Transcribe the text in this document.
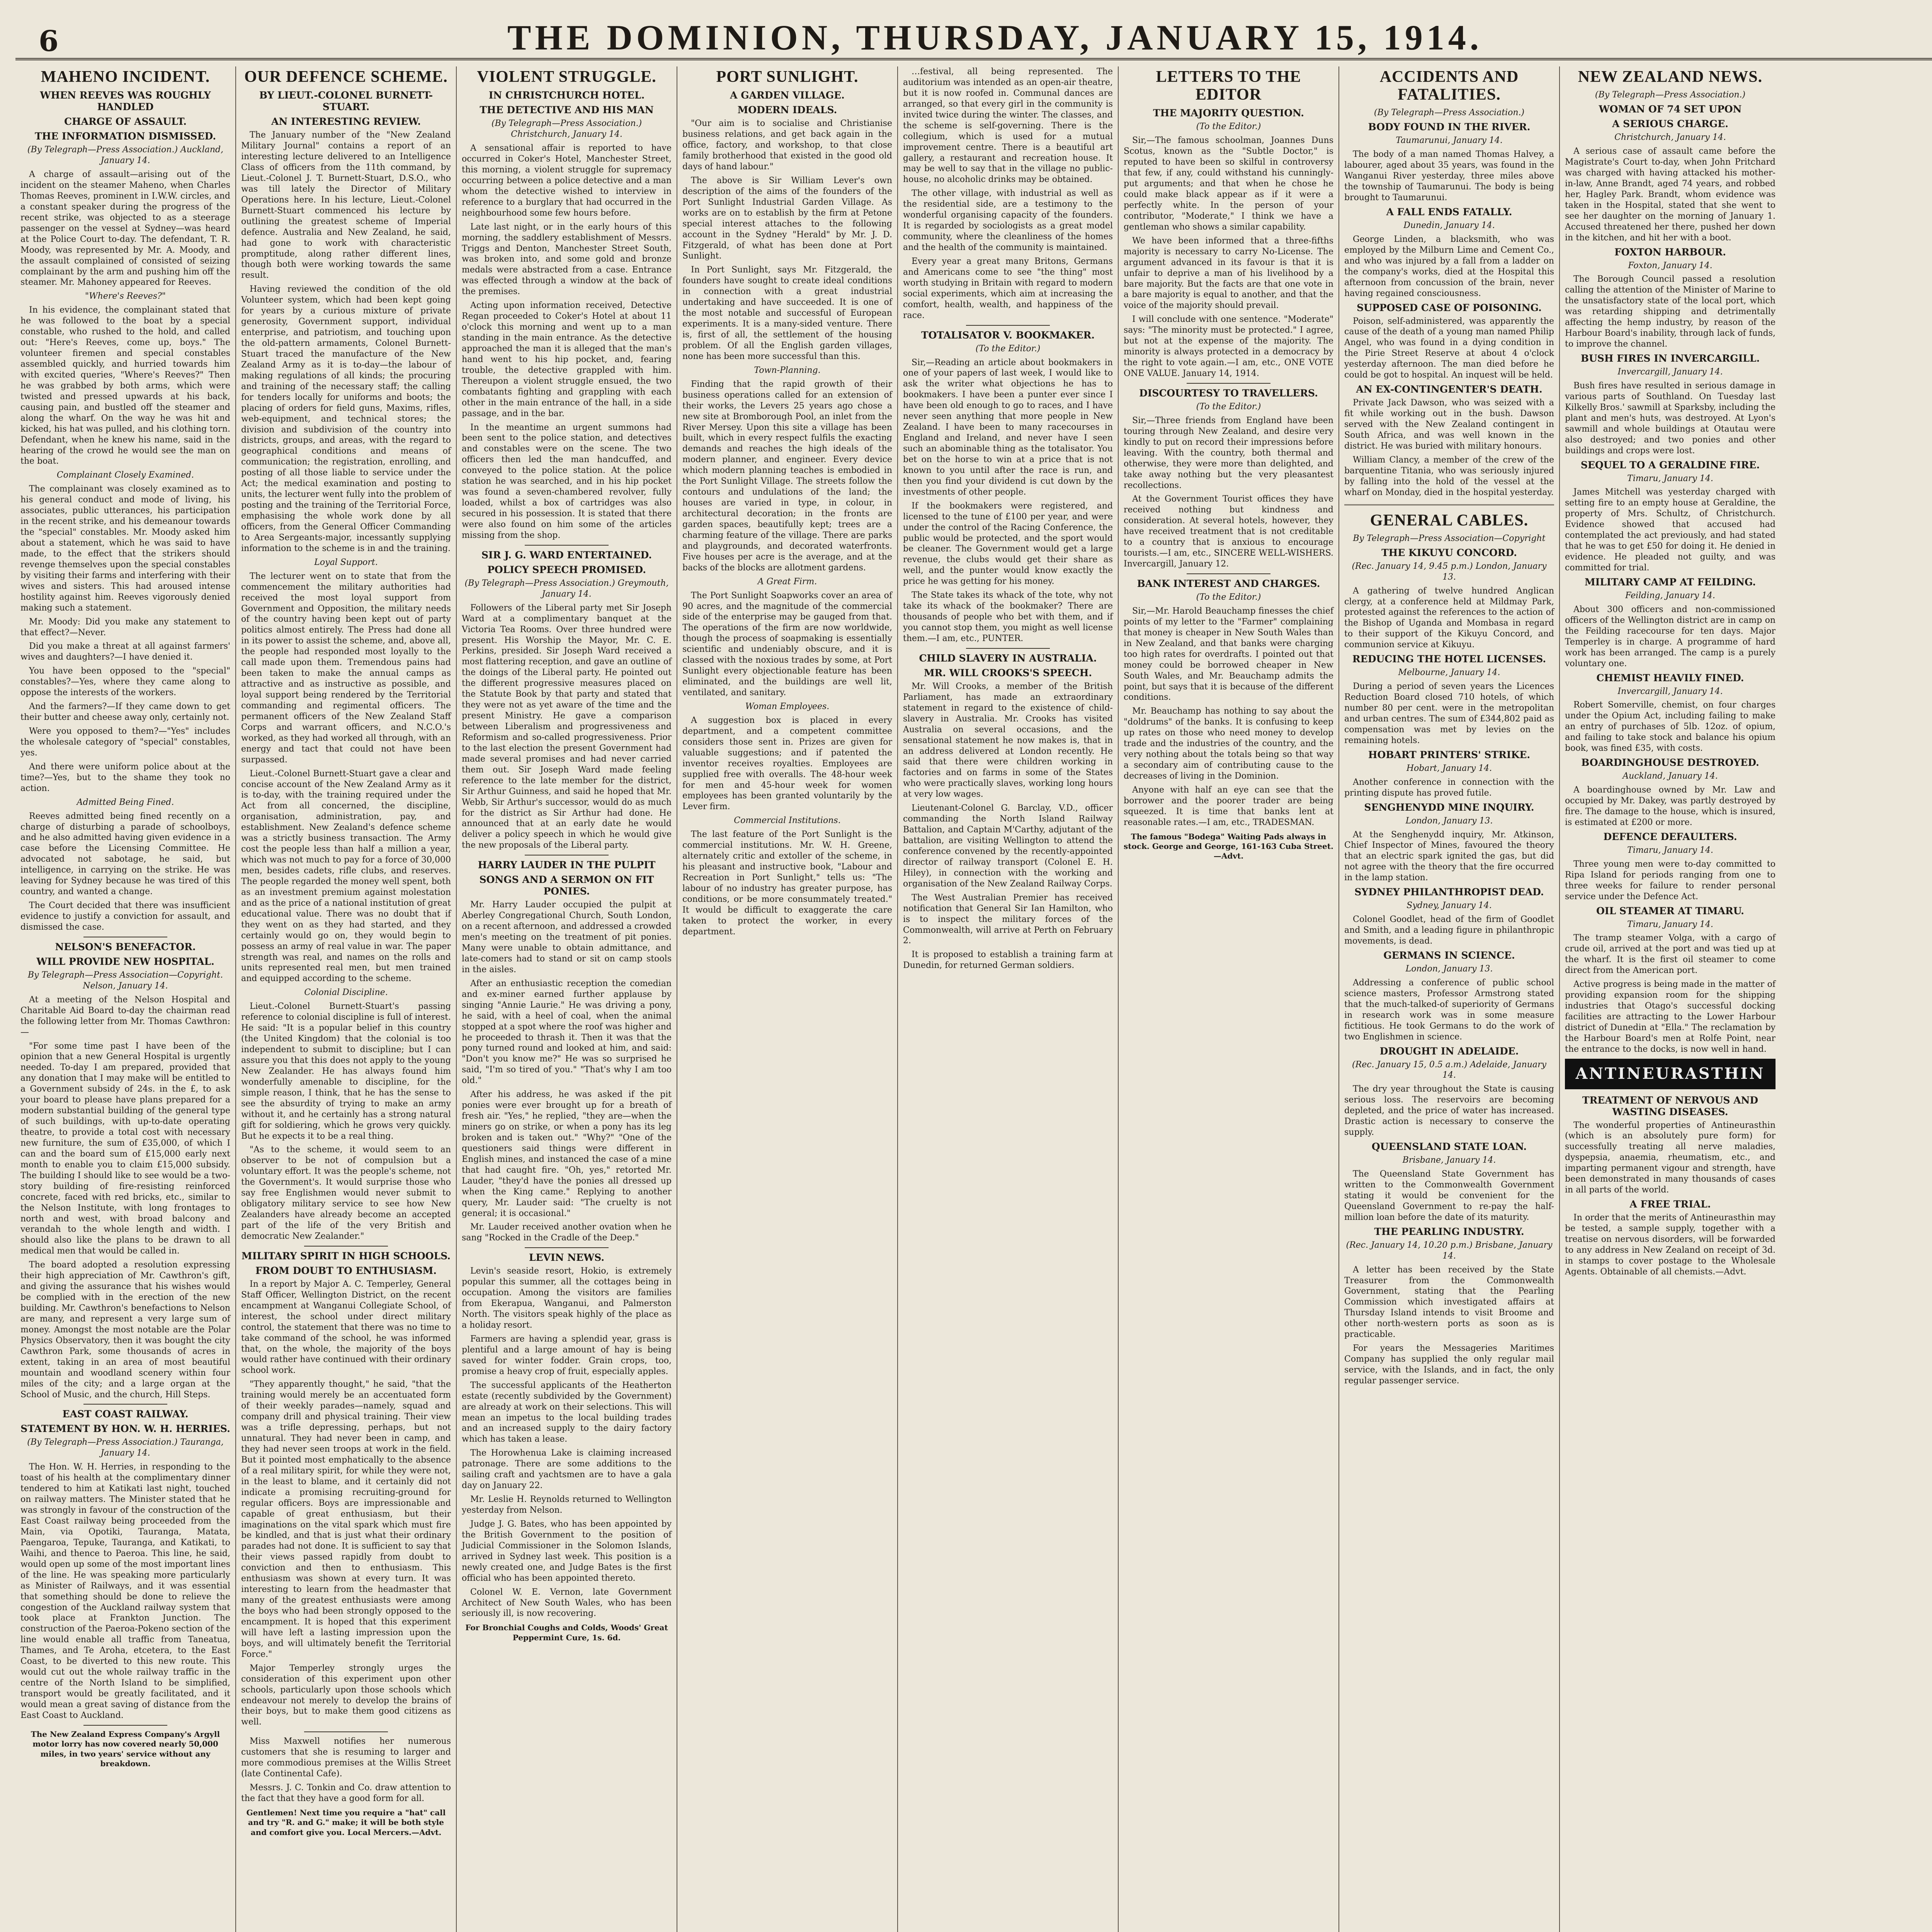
6	THE DOMINION, THURSDAY, JANUARY 15, 1914.
MAHENO INCIDENT.
WHEN REEVES WAS ROUGHLY HANDLED
CHARGE OF ASSAULT.
THE INFORMATION DISMISSED.
(By Telegraph—Press Association.) Auckland, January 14.

A charge of assault—arising out of the incident on the steamer Maheno, when Charles Thomas Reeves, prominent in I.W.W. circles, and a constant speaker during the progress of the recent strike, was objected to as a steerage passenger on the vessel at Sydney—was heard at the Police Court to-day. The defendant, T. R. Moody, was represented by Mr. A. Moody, and the assault complained of consisted of seizing complainant by the arm and pushing him off the steamer. Mr. Mahoney appeared for Reeves.

"Where's Reeves?"

In his evidence, the complainant stated that he was followed to the boat by a special constable, who rushed to the hold, and called out: "Here's Reeves, come up, boys." The volunteer firemen and special constables assembled quickly, and hurried towards him with excited queries, "Where's Reeves?" Then he was grabbed by both arms, which were twisted and pressed upwards at his back, causing pain, and bustled off the steamer and along the wharf. On the way he was hit and kicked, his hat was pulled, and his clothing torn. Defendant, when he knew his name, said in the hearing of the crowd he would see the man on the boat.

Complainant Closely Examined.

The complainant was closely examined as to his general conduct and mode of living, his associates, public utterances, his participation in the recent strike, and his demeanour towards the "special" constables. Mr. Moody asked him about a statement, which he was said to have made, to the effect that the strikers should revenge themselves upon the special constables by visiting their farms and interfering with their wives and sisters. This had aroused intense hostility against him. Reeves vigorously denied making such a statement.

Mr. Moody: Did you make any statement to that effect?—Never.

Did you make a threat at all against farmers' wives and daughters?—I have denied it.

You have been opposed to the "special" constables?—Yes, where they came along to oppose the interests of the workers.

And the farmers?—If they came down to get their butter and cheese away only, certainly not.

Were you opposed to them?—"Yes" includes the wholesale category of "special" constables, yes.

And there were uniform police about at the time?—Yes, but to the shame they took no action.

Admitted Being Fined.

Reeves admitted being fined recently on a charge of disturbing a parade of schoolboys, and he also admitted having given evidence in a case before the Licensing Committee. He advocated not sabotage, he said, but intelligence, in carrying on the strike. He was leaving for Sydney because he was tired of this country, and wanted a change.

The Court decided that there was insufficient evidence to justify a conviction for assault, and dismissed the case.

NELSON'S BENEFACTOR.
WILL PROVIDE NEW HOSPITAL.
By Telegraph—Press Association—Copyright. Nelson, January 14.

At a meeting of the Nelson Hospital and Charitable Aid Board to-day the chairman read the following letter from Mr. Thomas Cawthron:—

"For some time past I have been of the opinion that a new General Hospital is urgently needed. To-day I am prepared, provided that any donation that I may make will be entitled to a Government subsidy of 24s. in the £, to ask your board to please have plans prepared for a modern substantial building of the general type of such buildings, with up-to-date operating theatre, to provide a total cost with necessary new furniture, the sum of £35,000, of which I can and the board sum of £15,000 early next month to enable you to claim £15,000 subsidy. The building I should like to see would be a two-story building of fire-resisting reinforced concrete, faced with red bricks, etc., similar to the Nelson Institute, with long frontages to north and west, with broad balcony and verandah to the whole length and width. I should also like the plans to be drawn to all medical men that would be called in.

The board adopted a resolution expressing their high appreciation of Mr. Cawthron's gift, and giving the assurance that his wishes would be complied with in the erection of the new building. Mr. Cawthron's benefactions to Nelson are many, and represent a very large sum of money. Amongst the most notable are the Polar Physics Observatory, then it was bought the city Cawthron Park, some thousands of acres in extent, taking in an area of most beautiful mountain and woodland scenery within four miles of the city; and a large organ at the School of Music, and the church, Hill Steps.

EAST COAST RAILWAY.
STATEMENT BY HON. W. H. HERRIES.
(By Telegraph—Press Association.) Tauranga, January 14.

The Hon. W. H. Herries, in responding to the toast of his health at the complimentary dinner tendered to him at Katikati last night, touched on railway matters. The Minister stated that he was strongly in favour of the construction of the East Coast railway being proceeded from the Main, via Opotiki, Tauranga, Matata, Paengaroa, Tepuke, Tauranga, and Katikati, to Waihi, and thence to Paeroa. This line, he said, would open up some of the most important lines of the line. He was speaking more particularly as Minister of Railways, and it was essential that something should be done to relieve the congestion of the Auckland railway system that took place at Frankton Junction. The construction of the Paeroa-Pokeno section of the line would enable all traffic from Taneatua, Thames, and Te Aroha, etcetera, to the East Coast, to be diverted to this new route. This would cut out the whole railway traffic in the centre of the North Island to be simplified, transport would be greatly facilitated, and it would mean a great saving of distance from the East Coast to Auckland.

The New Zealand Express Company's Argyll motor lorry has now covered nearly 50,000 miles, in two years' service without any breakdown.
OUR DEFENCE SCHEME.
BY LIEUT.-COLONEL BURNETT-STUART.
AN INTERESTING REVIEW.

The January number of the "New Zealand Military Journal" contains a report of an interesting lecture delivered to an Intelligence Class of officers from the 11th command, by Lieut.-Colonel J. T. Burnett-Stuart, D.S.O., who was till lately the Director of Military Operations here. In his lecture, Lieut.-Colonel Burnett-Stuart commenced his lecture by outlining the greatest scheme of Imperial defence. Australia and New Zealand, he said, had gone to work with characteristic promptitude, along rather different lines, though both were working towards the same result.

Having reviewed the condition of the old Volunteer system, which had been kept going for years by a curious mixture of private generosity, Government support, individual enterprise, and patriotism, and touching upon the old-pattern armaments, Colonel Burnett-Stuart traced the manufacture of the New Zealand Army as it is to-day—the labour of making regulations of all kinds; the procuring and training of the necessary staff; the calling for tenders locally for uniforms and boots; the placing of orders for field guns, Maxims, rifles, web-equipment, and technical stores; the division and subdivision of the country into districts, groups, and areas, with the regard to geographical conditions and means of communication; the registration, enrolling, and posting of all those liable to service under the Act; the medical examination and posting to units, the lecturer went fully into the problem of posting and the training of the Territorial Force, emphasising the whole work done by all officers, from the General Officer Commanding to Area Sergeants-major, incessantly supplying information to the scheme is in and the training.

Loyal Support.

The lecturer went on to state that from the commencement the military authorities had received the most loyal support from Government and Opposition, the military needs of the country having been kept out of party politics almost entirely. The Press had done all in its power to assist the scheme, and, above all, the people had responded most loyally to the call made upon them. Tremendous pains had been taken to make the annual camps as attractive and as instructive as possible, and loyal support being rendered by the Territorial commanding and regimental officers. The permanent officers of the New Zealand Staff Corps and warrant officers, and N.C.O.'s worked, as they had worked all through, with an energy and tact that could not have been surpassed.

Lieut.-Colonel Burnett-Stuart gave a clear and concise account of the New Zealand Army as it is to-day, with the training required under the Act from all concerned, the discipline, organisation, administration, pay, and establishment. New Zealand's defence scheme was a strictly business transaction. The Army cost the people less than half a million a year, which was not much to pay for a force of 30,000 men, besides cadets, rifle clubs, and reserves. The people regarded the money well spent, both as an investment premium against molestation and as the price of a national institution of great educational value. There was no doubt that if they went on as they had started, and they certainly would go on, they would begin to possess an army of real value in war. The paper strength was real, and names on the rolls and units represented real men, but men trained and equipped according to the scheme.

Colonial Discipline.

Lieut.-Colonel Burnett-Stuart's passing reference to colonial discipline is full of interest. He said: "It is a popular belief in this country (the United Kingdom) that the colonial is too independent to submit to discipline; but I can assure you that this does not apply to the young New Zealander. He has always found him wonderfully amenable to discipline, for the simple reason, I think, that he has the sense to see the absurdity of trying to make an army without it, and he certainly has a strong natural gift for soldiering, which he grows very quickly. But he expects it to be a real thing.

"As to the scheme, it would seem to an observer to be not of compulsion but a voluntary effort. It was the people's scheme, not the Government's. It would surprise those who say free Englishmen would never submit to obligatory military service to see how New Zealanders have already become an accepted part of the life of the very British and democratic New Zealander."

MILITARY SPIRIT IN HIGH SCHOOLS.
FROM DOUBT TO ENTHUSIASM.

In a report by Major A. C. Temperley, General Staff Officer, Wellington District, on the recent encampment at Wanganui Collegiate School, of interest, the school under direct military control, the statement that there was no time to take command of the school, he was informed that, on the whole, the majority of the boys would rather have continued with their ordinary school work.

"They apparently thought," he said, "that the training would merely be an accentuated form of their weekly parades—namely, squad and company drill and physical training. Their view was a trifle depressing, perhaps, but not unnatural. They had never been in camp, and they had never seen troops at work in the field. But it pointed most emphatically to the absence of a real military spirit, for while they were not, in the least to blame, and it certainly did not indicate a promising recruiting-ground for regular officers. Boys are impressionable and capable of great enthusiasm, but their imaginations on the vital spark which must fire be kindled, and that is just what their ordinary parades had not done. It is sufficient to say that their views passed rapidly from doubt to conviction and then to enthusiasm. This enthusiasm was shown at every turn. It was interesting to learn from the headmaster that many of the greatest enthusiasts were among the boys who had been strongly opposed to the encampment. It is hoped that this experiment will have left a lasting impression upon the boys, and will ultimately benefit the Territorial Force."

Major Temperley strongly urges the consideration of this experiment upon other schools, particularly upon those schools which endeavour not merely to develop the brains of their boys, but to make them good citizens as well.

Miss Maxwell notifies her numerous customers that she is resuming to larger and more commodious premises at the Willis Street (late Continental Cafe).

Messrs. J. C. Tonkin and Co. draw attention to the fact that they have a good form for all.

Gentlemen! Next time you require a "hat" call and try "R. and G." make; it will be both style and comfort give you. Local Mercers.—Advt.
VIOLENT STRUGGLE.
IN CHRISTCHURCH HOTEL.
THE DETECTIVE AND HIS MAN
(By Telegraph—Press Association.) Christchurch, January 14.

A sensational affair is reported to have occurred in Coker's Hotel, Manchester Street, this morning, a violent struggle for supremacy occurring between a police detective and a man whom the detective wished to interview in reference to a burglary that had occurred in the neighbourhood some few hours before.

Late last night, or in the early hours of this morning, the saddlery establishment of Messrs. Triggs and Denton, Manchester Street South, was broken into, and some gold and bronze medals were abstracted from a case. Entrance was effected through a window at the back of the premises.

Acting upon information received, Detective Regan proceeded to Coker's Hotel at about 11 o'clock this morning and went up to a man standing in the main entrance. As the detective approached the man it is alleged that the man's hand went to his hip pocket, and, fearing trouble, the detective grappled with him. Thereupon a violent struggle ensued, the two combatants fighting and grappling with each other in the main entrance of the hall, in a side passage, and in the bar.

In the meantime an urgent summons had been sent to the police station, and detectives and constables were on the scene. The two officers then led the man handcuffed, and conveyed to the police station. At the police station he was searched, and in his hip pocket was found a seven-chambered revolver, fully loaded, whilst a box of cartridges was also secured in his possession. It is stated that there were also found on him some of the articles missing from the shop.

SIR J. G. WARD ENTERTAINED.
POLICY SPEECH PROMISED.
(By Telegraph—Press Association.) Greymouth, January 14.

Followers of the Liberal party met Sir Joseph Ward at a complimentary banquet at the Victoria Tea Rooms. Over three hundred were present. His Worship the Mayor, Mr. C. E. Perkins, presided. Sir Joseph Ward received a most flattering reception, and gave an outline of the doings of the Liberal party. He pointed out the different progressive measures placed on the Statute Book by that party and stated that they were not as yet aware of the time and the present Ministry. He gave a comparison between Liberalism and progressiveness and Reformism and so-called progressiveness. Prior to the last election the present Government had made several promises and had never carried them out. Sir Joseph Ward made feeling reference to the late member for the district, Sir Arthur Guinness, and said he hoped that Mr. Webb, Sir Arthur's successor, would do as much for the district as Sir Arthur had done. He announced that at an early date he would deliver a policy speech in which he would give the new proposals of the Liberal party.

HARRY LAUDER IN THE PULPIT
SONGS AND A SERMON ON FIT PONIES.

Mr. Harry Lauder occupied the pulpit at Aberley Congregational Church, South London, on a recent afternoon, and addressed a crowded men's meeting on the treatment of pit ponies. Many were unable to obtain admittance, and late-comers had to stand or sit on camp stools in the aisles.

After an enthusiastic reception the comedian and ex-miner earned further applause by singing "Annie Laurie." He was driving a pony, he said, with a heel of coal, when the animal stopped at a spot where the roof was higher and he proceeded to thrash it. Then it was that the pony turned round and looked at him, and said: "Don't you know me?" He was so surprised he said, "I'm so tired of you." "That's why I am too old."

After his address, he was asked if the pit ponies were ever brought up for a breath of fresh air. "Yes," he replied, "they are—when the miners go on strike, or when a pony has its leg broken and is taken out." "Why?" "One of the questioners said things were different in English mines, and instanced the case of a mine that had caught fire. "Oh, yes," retorted Mr. Lauder, "they'd have the ponies all dressed up when the King came." Replying to another query, Mr. Lauder said: "The cruelty is not general; it is occasional."

Mr. Lauder received another ovation when he sang "Rocked in the Cradle of the Deep."

LEVIN NEWS.

Levin's seaside resort, Hokio, is extremely popular this summer, all the cottages being in occupation. Among the visitors are families from Ekerapua, Wanganui, and Palmerston North. The visitors speak highly of the place as a holiday resort.

Farmers are having a splendid year, grass is plentiful and a large amount of hay is being saved for winter fodder. Grain crops, too, promise a heavy crop of fruit, especially apples.

The successful applicants of the Heatherton estate (recently subdivided by the Government) are already at work on their selections. This will mean an impetus to the local building trades and an increased supply to the dairy factory which has taken a lease.

The Horowhenua Lake is claiming increased patronage. There are some additions to the sailing craft and yachtsmen are to have a gala day on January 22.

Mr. Leslie H. Reynolds returned to Wellington yesterday from Nelson.

Judge J. G. Bates, who has been appointed by the British Government to the position of Judicial Commissioner in the Solomon Islands, arrived in Sydney last week. This position is a newly created one, and Judge Bates is the first official who has been appointed thereto.

Colonel W. E. Vernon, late Government Architect of New South Wales, who has been seriously ill, is now recovering.

For Bronchial Coughs and Colds, Woods' Great Peppermint Cure, 1s. 6d.
PORT SUNLIGHT.
A GARDEN VILLAGE.
MODERN IDEALS.

"Our aim is to socialise and Christianise business relations, and get back again in the office, factory, and workshop, to that close family brotherhood that existed in the good old days of hand labour."

The above is Sir William Lever's own description of the aims of the founders of the Port Sunlight Industrial Garden Village. As works are on to establish by the firm at Petone special interest attaches to the following account in the Sydney "Herald" by Mr. J. D. Fitzgerald, of what has been done at Port Sunlight.

In Port Sunlight, says Mr. Fitzgerald, the founders have sought to create ideal conditions in connection with a great industrial undertaking and have succeeded. It is one of the most notable and successful of European experiments. It is a many-sided venture. There is, first of all, the settlement of the housing problem. Of all the English garden villages, none has been more successful than this.

Town-Planning.

Finding that the rapid growth of their business operations called for an extension of their works, the Levers 25 years ago chose a new site at Bromborough Pool, an inlet from the River Mersey. Upon this site a village has been built, which in every respect fulfils the exacting demands and reaches the high ideals of the modern planner, and engineer. Every device which modern planning teaches is embodied in the Port Sunlight Village. The streets follow the contours and undulations of the land; the houses are varied in type, in colour, in architectural decoration; in the fronts are garden spaces, beautifully kept; trees are a charming feature of the village. There are parks and playgrounds, and decorated waterfronts. Five houses per acre is the average, and at the backs of the blocks are allotment gardens.

A Great Firm.

The Port Sunlight Soapworks cover an area of 90 acres, and the magnitude of the commercial side of the enterprise may be gauged from that. The operations of the firm are now worldwide, though the process of soapmaking is essentially scientific and undeniably obscure, and it is classed with the noxious trades by some, at Port Sunlight every objectionable feature has been eliminated, and the buildings are well lit, ventilated, and sanitary.

Woman Employees.

A suggestion box is placed in every department, and a competent committee considers those sent in. Prizes are given for valuable suggestions; and if patented the inventor receives royalties. Employees are supplied free with overalls. The 48-hour week for men and 45-hour week for women employees has been granted voluntarily by the Lever firm.

Commercial Institutions.

The last feature of the Port Sunlight is the commercial institutions. Mr. W. H. Greene, alternately critic and extoller of the scheme, in his pleasant and instructive book, "Labour and Recreation in Port Sunlight," tells us: "The labour of no industry has greater purpose, has conditions, or be more consummately treated." It would be difficult to exaggerate the care taken to protect the worker, in every department.

…festival, all being represented. The auditorium was intended as an open-air theatre, but it is now roofed in. Communal dances are arranged, so that every girl in the community is invited twice during the winter. The classes, and the scheme is self-governing. There is the collegium, which is used for a mutual improvement centre. There is a beautiful art gallery, a restaurant and recreation house. It may be well to say that in the village no public-house, no alcoholic drinks may be obtained.

The other village, with industrial as well as the residential side, are a testimony to the wonderful organising capacity of the founders. It is regarded by sociologists as a great model community, where the cleanliness of the homes and the health of the community is maintained.

Every year a great many Britons, Germans and Americans come to see "the thing" most worth studying in Britain with regard to modern social experiments, which aim at increasing the comfort, health, wealth, and happiness of the race.

TOTALISATOR V. BOOKMAKER.
(To the Editor.)

Sir,—Reading an article about bookmakers in one of your papers of last week, I would like to ask the writer what objections he has to bookmakers. I have been a punter ever since I have been old enough to go to races, and I have never seen anything that more people in New Zealand. I have been to many racecourses in England and Ireland, and never have I seen such an abominable thing as the totalisator. You bet on the horse to win at a price that is not known to you until after the race is run, and then you find your dividend is cut down by the investments of other people.

If the bookmakers were registered, and licensed to the tune of £100 per year, and were under the control of the Racing Conference, the public would be protected, and the sport would be cleaner. The Government would get a large revenue, the clubs would get their share as well, and the punter would know exactly the price he was getting for his money.

The State takes its whack of the tote, why not take its whack of the bookmaker? There are thousands of people who bet with them, and if you cannot stop them, you might as well license them.—I am, etc., PUNTER.

CHILD SLAVERY IN AUSTRALIA.
MR. WILL CROOKS'S SPEECH.

Mr. Will Crooks, a member of the British Parliament, has made an extraordinary statement in regard to the existence of child-slavery in Australia. Mr. Crooks has visited Australia on several occasions, and the sensational statement he now makes is, that in an address delivered at London recently. He said that there were children working in factories and on farms in some of the States who were practically slaves, working long hours at very low wages.

Lieutenant-Colonel G. Barclay, V.D., officer commanding the North Island Railway Battalion, and Captain M'Carthy, adjutant of the battalion, are visiting Wellington to attend the conference convened by the recently-appointed director of railway transport (Colonel E. H. Hiley), in connection with the working and organisation of the New Zealand Railway Corps.

The West Australian Premier has received notification that General Sir Ian Hamilton, who is to inspect the military forces of the Commonwealth, will arrive at Perth on February 2.

It is proposed to establish a training farm at Dunedin, for returned German soldiers.

LETTERS TO THE EDITOR
THE MAJORITY QUESTION.
(To the Editor.)

Sir,—The famous schoolman, Joannes Duns Scotus, known as the "Subtle Doctor," is reputed to have been so skilful in controversy that few, if any, could withstand his cunningly-put arguments; and that when he chose he could make black appear as if it were a perfectly white. In the person of your contributor, "Moderate," I think we have a gentleman who shows a similar capability.

We have been informed that a three-fifths majority is necessary to carry No-License. The argument advanced in its favour is that it is unfair to deprive a man of his livelihood by a bare majority. But the facts are that one vote in a bare majority is equal to another, and that the voice of the majority should prevail.

I will conclude with one sentence. "Moderate" says: "The minority must be protected." I agree, but not at the expense of the majority. The minority is always protected in a democracy by the right to vote again.—I am, etc., ONE VOTE ONE VALUE. January 14, 1914.

DISCOURTESY TO TRAVELLERS.
(To the Editor.)

Sir,—Three friends from England have been touring through New Zealand, and desire very kindly to put on record their impressions before leaving. With the country, both thermal and otherwise, they were more than delighted, and take away nothing but the very pleasantest recollections.

At the Government Tourist offices they have received nothing but kindness and consideration. At several hotels, however, they have received treatment that is not creditable to a country that is anxious to encourage tourists.—I am, etc., SINCERE WELL-WISHERS. Invercargill, January 12.

BANK INTEREST AND CHARGES.
(To the Editor.)

Sir,—Mr. Harold Beauchamp finesses the chief points of my letter to the "Farmer" complaining that money is cheaper in New South Wales than in New Zealand, and that banks were charging too high rates for overdrafts. I pointed out that money could be borrowed cheaper in New South Wales, and Mr. Beauchamp admits the point, but says that it is because of the different conditions.

Mr. Beauchamp has nothing to say about the "doldrums" of the banks. It is confusing to keep up rates on those who need money to develop trade and the industries of the country, and the very nothing about the totals being so that way a secondary aim of contributing cause to the decreases of living in the Dominion.

Anyone with half an eye can see that the borrower and the poorer trader are being squeezed. It is time that banks lent at reasonable rates.—I am, etc., TRADESMAN.

The famous "Bodega" Waiting Pads always in stock. George and George, 161-163 Cuba Street.—Advt.
ACCIDENTS AND FATALITIES.
(By Telegraph—Press Association.)
BODY FOUND IN THE RIVER.
Taumarunui, January 14.

The body of a man named Thomas Halvey, a labourer, aged about 35 years, was found in the Wanganui River yesterday, three miles above the township of Taumarunui. The body is being brought to Taumarunui.

A FALL ENDS FATALLY.
Dunedin, January 14.

George Linden, a blacksmith, who was employed by the Milburn Lime and Cement Co., and who was injured by a fall from a ladder on the company's works, died at the Hospital this afternoon from concussion of the brain, never having regained consciousness.

SUPPOSED CASE OF POISONING.

Poison, self-administered, was apparently the cause of the death of a young man named Philip Angel, who was found in a dying condition in the Pirie Street Reserve at about 4 o'clock yesterday afternoon. The man died before he could be got to hospital. An inquest will be held.

AN EX-CONTINGENTER'S DEATH.

Private Jack Dawson, who was seized with a fit while working out in the bush. Dawson served with the New Zealand contingent in South Africa, and was well known in the district. He was buried with military honours.

William Clancy, a member of the crew of the barquentine Titania, who was seriously injured by falling into the hold of the vessel at the wharf on Monday, died in the hospital yesterday.

GENERAL CABLES.
By Telegraph—Press Association—Copyright
THE KIKUYU CONCORD.
(Rec. January 14, 9.45 p.m.) London, January 13.

A gathering of twelve hundred Anglican clergy, at a conference held at Mildmay Park, protested against the references to the action of the Bishop of Uganda and Mombasa in regard to their support of the Kikuyu Concord, and communion service at Kikuyu.

REDUCING THE HOTEL LICENSES.
Melbourne, January 14.

During a period of seven years the Licences Reduction Board closed 710 hotels, of which number 80 per cent. were in the metropolitan and urban centres. The sum of £344,802 paid as compensation was met by levies on the remaining hotels.

HOBART PRINTERS' STRIKE.
Hobart, January 14.

Another conference in connection with the printing dispute has proved futile.

SENGHENYDD MINE INQUIRY.
London, January 13.

At the Senghenydd inquiry, Mr. Atkinson, Chief Inspector of Mines, favoured the theory that an electric spark ignited the gas, but did not agree with the theory that the fire occurred in the lamp station.

SYDNEY PHILANTHROPIST DEAD.
Sydney, January 14.

Colonel Goodlet, head of the firm of Goodlet and Smith, and a leading figure in philanthropic movements, is dead.

GERMANS IN SCIENCE.
London, January 13.

Addressing a conference of public school science masters, Professor Armstrong stated that the much-talked-of superiority of Germans in research work was in some measure fictitious. He took Germans to do the work of two Englishmen in science.

DROUGHT IN ADELAIDE.
(Rec. January 15, 0.5 a.m.) Adelaide, January 14.

The dry year throughout the State is causing serious loss. The reservoirs are becoming depleted, and the price of water has increased. Drastic action is necessary to conserve the supply.

QUEENSLAND STATE LOAN.
Brisbane, January 14.

The Queensland State Government has written to the Commonwealth Government stating it would be convenient for the Queensland Government to re-pay the half-million loan before the date of its maturity.

THE PEARLING INDUSTRY.
(Rec. January 14, 10.20 p.m.) Brisbane, January 14.

A letter has been received by the State Treasurer from the Commonwealth Government, stating that the Pearling Commission which investigated affairs at Thursday Island intends to visit Broome and other north-western ports as soon as is practicable.

For years the Messageries Maritimes Company has supplied the only regular mail service, with the Islands, and in fact, the only regular passenger service.

NEW ZEALAND NEWS.
(By Telegraph—Press Association.)
WOMAN OF 74 SET UPON
A SERIOUS CHARGE.
Christchurch, January 14.

A serious case of assault came before the Magistrate's Court to-day, when John Pritchard was charged with having attacked his mother-in-law, Anne Brandt, aged 74 years, and robbed her, Hagley Park. Brandt, whom evidence was taken in the Hospital, stated that she went to see her daughter on the morning of January 1. Accused threatened her there, pushed her down in the kitchen, and hit her with a boot.

FOXTON HARBOUR.
Foxton, January 14.

The Borough Council passed a resolution calling the attention of the Minister of Marine to the unsatisfactory state of the local port, which was retarding shipping and detrimentally affecting the hemp industry, by reason of the Harbour Board's inability, through lack of funds, to improve the channel.

BUSH FIRES IN INVERCARGILL.
Invercargill, January 14.

Bush fires have resulted in serious damage in various parts of Southland. On Tuesday last Kilkelly Bros.' sawmill at Sparksby, including the plant and men's huts, was destroyed. At Lyon's sawmill and whole buildings at Otautau were also destroyed; and two ponies and other buildings and crops were lost.

SEQUEL TO A GERALDINE FIRE.
Timaru, January 14.

James Mitchell was yesterday charged with setting fire to an empty house at Geraldine, the property of Mrs. Schultz, of Christchurch. Evidence showed that accused had contemplated the act previously, and had stated that he was to get £50 for doing it. He denied in evidence. He pleaded not guilty, and was committed for trial.

MILITARY CAMP AT FEILDING.
Feilding, January 14.

About 300 officers and non-commissioned officers of the Wellington district are in camp on the Feilding racecourse for ten days. Major Temperley is in charge. A programme of hard work has been arranged. The camp is a purely voluntary one.

CHEMIST HEAVILY FINED.
Invercargill, January 14.

Robert Somerville, chemist, on four charges under the Opium Act, including failing to make an entry of purchases of 5lb. 12oz. of opium, and failing to take stock and balance his opium book, was fined £35, with costs.

BOARDINGHOUSE DESTROYED.
Auckland, January 14.

A boardinghouse owned by Mr. Law and occupied by Mr. Dakey, was partly destroyed by fire. The damage to the house, which is insured, is estimated at £200 or more.

DEFENCE DEFAULTERS.
Timaru, January 14.

Three young men were to-day committed to Ripa Island for periods ranging from one to three weeks for failure to render personal service under the Defence Act.

OIL STEAMER AT TIMARU.
Timaru, January 14.

The tramp steamer Volga, with a cargo of crude oil, arrived at the port and was tied up at the wharf. It is the first oil steamer to come direct from the American port.

Active progress is being made in the matter of providing expansion room for the shipping industries that Otago's successful docking facilities are attracting to the Lower Harbour district of Dunedin at "Ella." The reclamation by the Harbour Board's men at Rolfe Point, near the entrance to the docks, is now well in hand.

ANTINEURASTHIN
TREATMENT OF NERVOUS AND WASTING DISEASES.

The wonderful properties of Antineurasthin (which is an absolutely pure form) for successfully treating all nerve maladies, dyspepsia, anaemia, rheumatism, etc., and imparting permanent vigour and strength, have been demonstrated in many thousands of cases in all parts of the world.

A FREE TRIAL.

In order that the merits of Antineurasthin may be tested, a sample supply, together with a treatise on nervous disorders, will be forwarded to any address in New Zealand on receipt of 3d. in stamps to cover postage to the Wholesale Agents. Obtainable of all chemists.—Advt.
